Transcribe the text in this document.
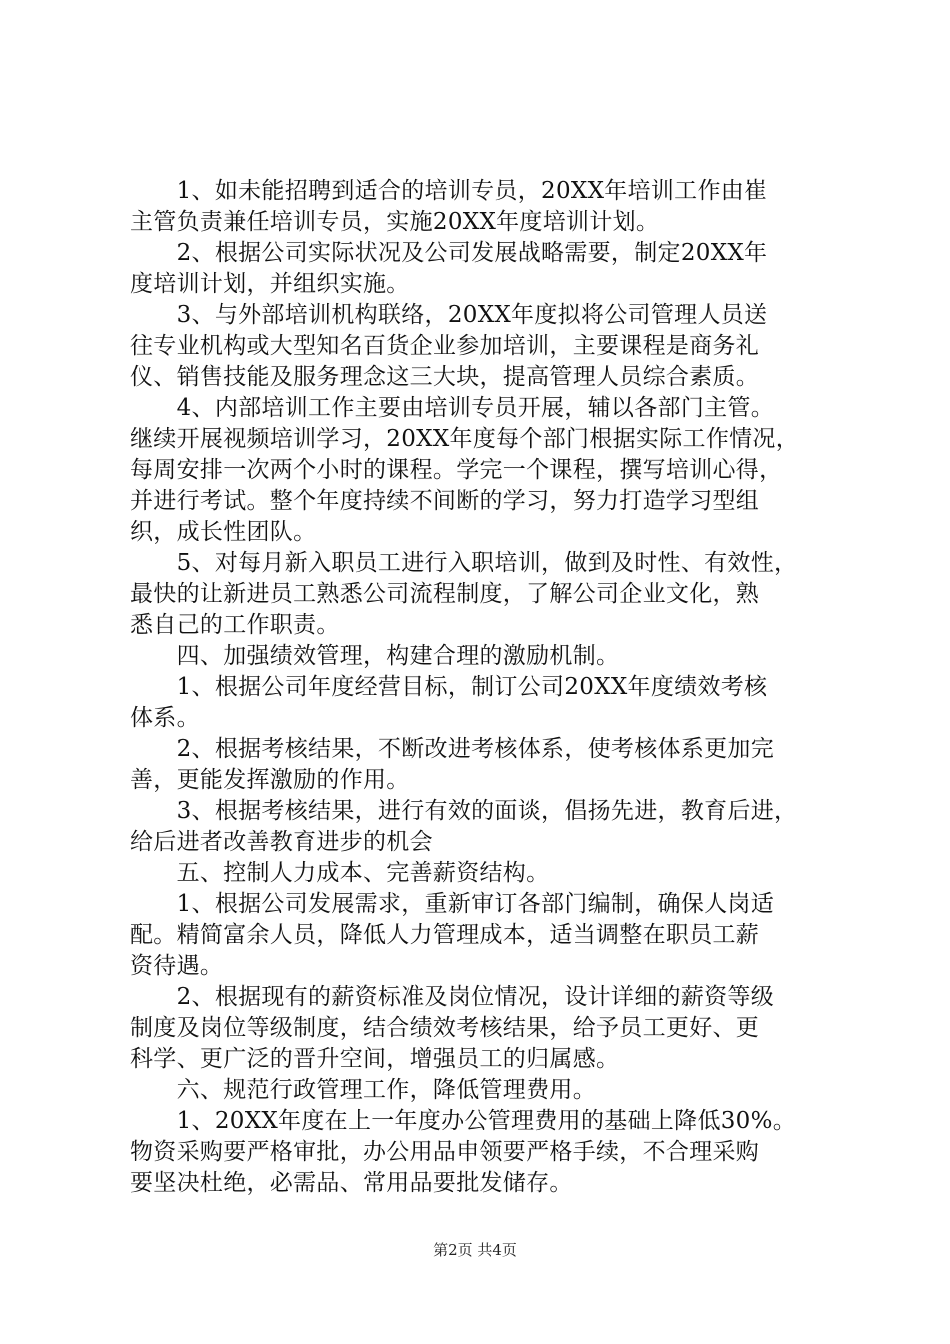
　　1、如未能招聘到适合的培训专员，20XX年培训工作由崔
主管负责兼任培训专员，实施20XX年度培训计划。
　　2、根据公司实际状况及公司发展战略需要，制定20XX年
度培训计划，并组织实施。
　　3、与外部培训机构联络，20XX年度拟将公司管理人员送
往专业机构或大型知名百货企业参加培训，主要课程是商务礼
仪、销售技能及服务理念这三大块，提高管理人员综合素质。
　　4、内部培训工作主要由培训专员开展，辅以各部门主管。
继续开展视频培训学习，20XX年度每个部门根据实际工作情况，
每周安排一次两个小时的课程。学完一个课程，撰写培训心得，
并进行考试。整个年度持续不间断的学习，努力打造学习型组
织，成长性团队。
　　5、对每月新入职员工进行入职培训，做到及时性、有效性，
最快的让新进员工熟悉公司流程制度，了解公司企业文化，熟
悉自己的工作职责。
　　四、加强绩效管理，构建合理的激励机制。
　　1、根据公司年度经营目标，制订公司20XX年度绩效考核
体系。
　　2、根据考核结果，不断改进考核体系，使考核体系更加完
善，更能发挥激励的作用。
　　3、根据考核结果，进行有效的面谈，倡扬先进，教育后进，
给后进者改善教育进步的机会
　　五、控制人力成本、完善薪资结构。
　　1、根据公司发展需求，重新审订各部门编制，确保人岗适
配。精简富余人员，降低人力管理成本，适当调整在职员工薪
资待遇。
　　2、根据现有的薪资标准及岗位情况，设计详细的薪资等级
制度及岗位等级制度，结合绩效考核结果，给予员工更好、更
科学、更广泛的晋升空间，增强员工的归属感。
　　六、规范行政管理工作，降低管理费用。
　　1、20XX年度在上一年度办公管理费用的基础上降低30%。
物资采购要严格审批，办公用品申领要严格手续，不合理采购
要坚决杜绝，必需品、常用品要批发储存。
第2页 共4页
